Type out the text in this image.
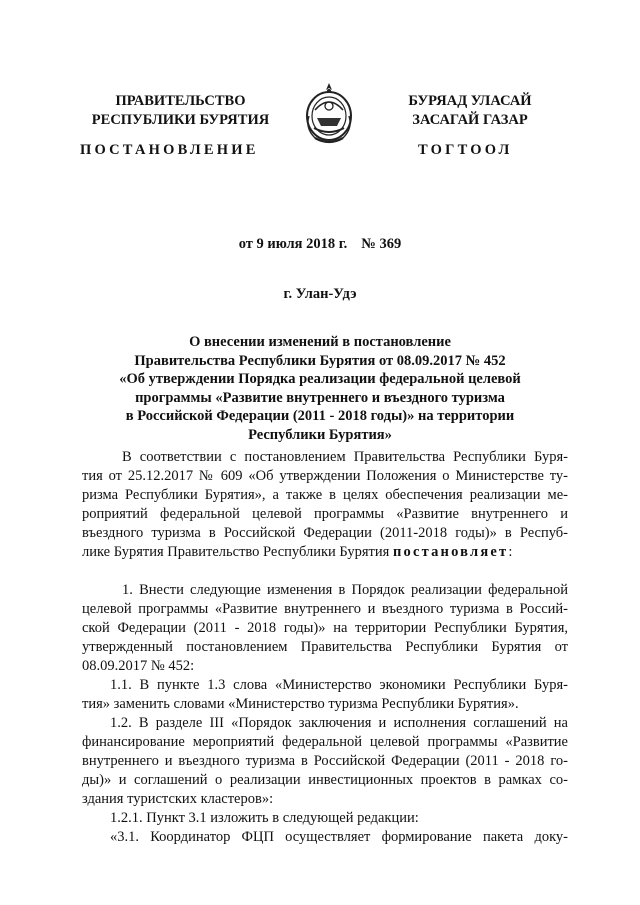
ПРАВИТЕЛЬСТВО
РЕСПУБЛИКИ БУРЯТИЯ
БУРЯАД УЛАСАЙ
ЗАСАГАЙ ГАЗАР
ПОСТАНОВЛЕНИЕ	ТОГТООЛ
от 9 июля 2018 г. № 369
г. Улан-Удэ
О внесении изменений в постановление
Правительства Республики Бурятия от 08.09.2017 № 452
«Об утверждении Порядка реализации федеральной целевой
программы «Развитие внутреннего и въездного туризма
в Российской Федерации (2011 - 2018 годы)» на территории
Республики Бурятия»
В соответствии с постановлением Правительства Республики Буря-
тия от 25.12.2017 № 609 «Об утверждении Положения о Министерстве ту-
ризма Республики Бурятия», а также в целях обеспечения реализации ме-
роприятий федеральной целевой программы «Развитие внутреннего и
въездного туризма в Российской Федерации (2011-2018 годы)» в Респуб-
лике Бурятия Правительство Республики Бурятия постановляет:
1. Внести следующие изменения в Порядок реализации федеральной
целевой программы «Развитие внутреннего и въездного туризма в Россий-
ской Федерации (2011 - 2018 годы)» на территории Республики Бурятия,
утвержденный постановлением Правительства Республики Бурятия от
08.09.2017 № 452:
1.1. В пункте 1.3 слова «Министерство экономики Республики Буря-
тия» заменить словами «Министерство туризма Республики Бурятия».
1.2. В разделе III «Порядок заключения и исполнения соглашений на
финансирование мероприятий федеральной целевой программы «Развитие
внутреннего и въездного туризма в Российской Федерации (2011 - 2018 го-
ды)» и соглашений о реализации инвестиционных проектов в рамках со-
здания туристских кластеров»:
1.2.1. Пункт 3.1 изложить в следующей редакции:
«3.1. Координатор ФЦП осуществляет формирование пакета доку-
